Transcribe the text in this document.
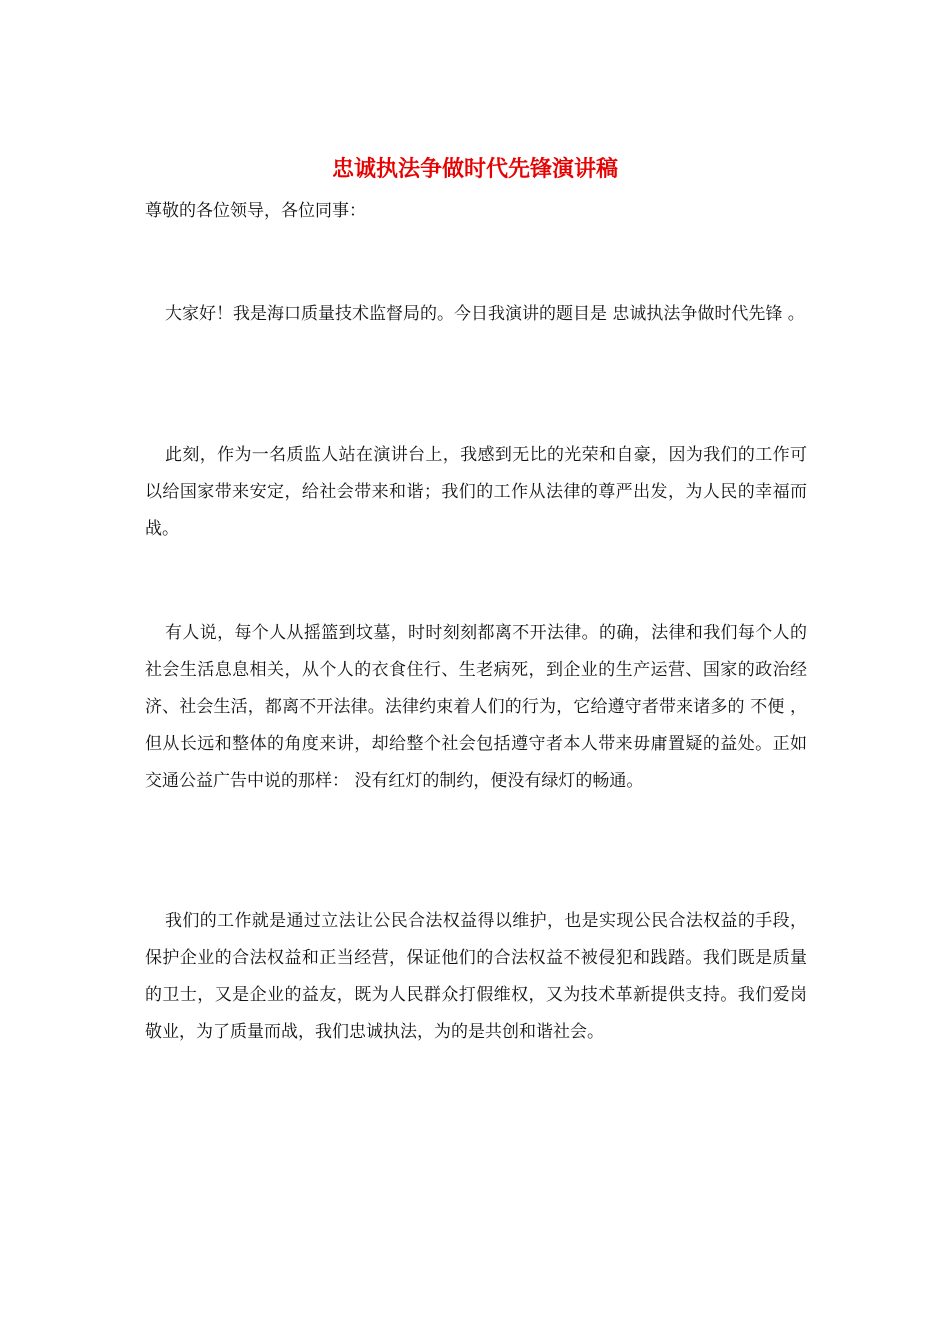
忠诚执法争做时代先锋演讲稿
尊敬的各位领导，各位同事：

大家好！我是海口质量技术监督局的。今日我演讲的题目是 忠诚执法争做时代先锋 。

此刻，作为一名质监人站在演讲台上，我感到无比的光荣和自豪，因为我们的工作可以给国家带来安定，给社会带来和谐；我们的工作从法律的尊严出发，为人民的幸福而战。

有人说，每个人从摇篮到坟墓，时时刻刻都离不开法律。的确，法律和我们每个人的社会生活息息相关，从个人的衣食住行、生老病死，到企业的生产运营、国家的政治经济、社会生活，都离不开法律。法律约束着人们的行为，它给遵守者带来诸多的 不便 ，但从长远和整体的角度来讲，却给整个社会包括遵守者本人带来毋庸置疑的益处。正如交通公益广告中说的那样： 没有红灯的制约，便没有绿灯的畅通。

我们的工作就是通过立法让公民合法权益得以维护，也是实现公民合法权益的手段，保护企业的合法权益和正当经营，保证他们的合法权益不被侵犯和践踏。我们既是质量的卫士，又是企业的益友，既为人民群众打假维权，又为技术革新提供支持。我们爱岗敬业，为了质量而战，我们忠诚执法，为的是共创和谐社会。
